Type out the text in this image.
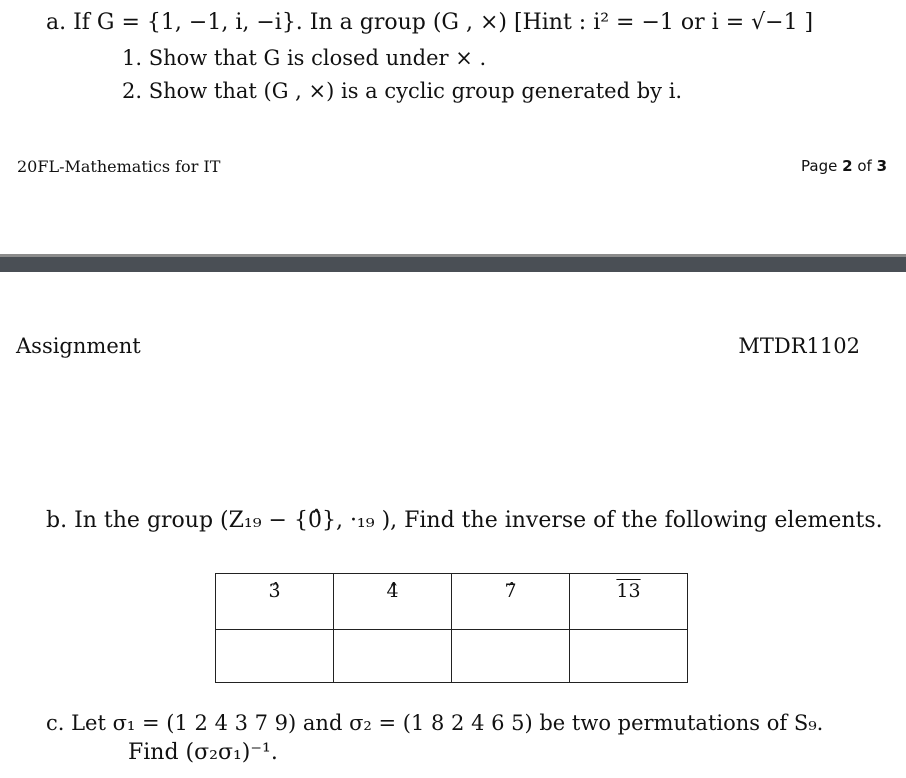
a. If G = {1, −1, i, −i}. In a group (G , ×) [Hint : i² = −1 or i = √−1 ]
1. Show that G is closed under × .
2. Show that (G , ×) is a cyclic group generated by i.
20FL-Mathematics for IT	Page 2 of 3
Assignment	MTDR1102
b. In the group (Z₁₉ − {0̂}, ·₁₉ ), Find the inverse of the following elements.
3̂	4̂	7̂	13

c. Let σ₁ = (1 2 4 3 7 9) and σ₂ = (1 8 2 4 6 5) be two permutations of S₉.
Find (σ₂σ₁)⁻¹.
